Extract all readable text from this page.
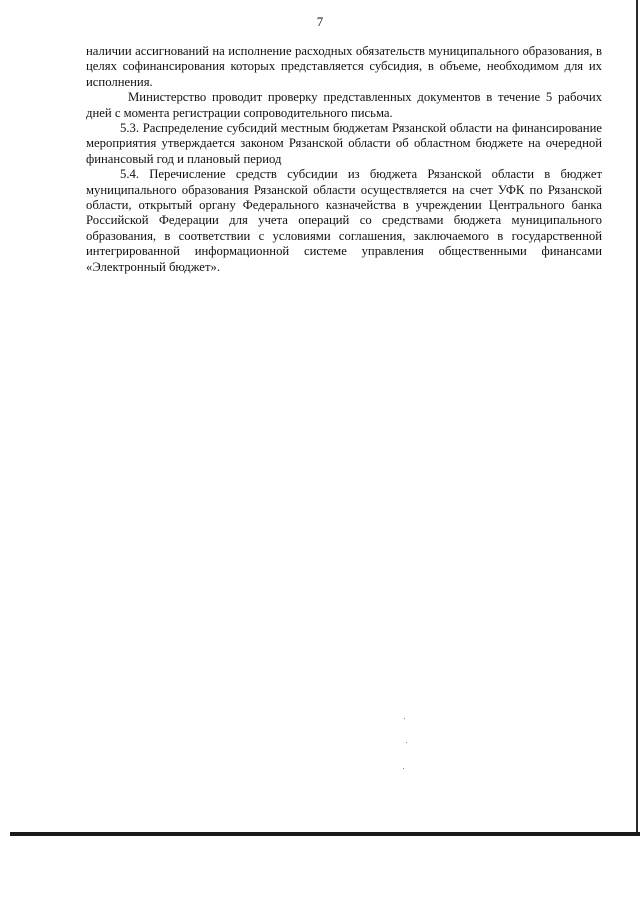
7

наличии ассигнований на исполнение расходных обязательств муниципального образования, в целях софинансирования которых представляется субсидия, в объеме, необходимом для их исполнения.

Министерство проводит проверку представленных документов в течение 5 рабочих дней с момента регистрации сопроводительного письма.

5.3. Распределение субсидий местным бюджетам Рязанской области на финансирование мероприятия утверждается законом Рязанской области об областном бюджете на очередной финансовый год и плановый период

5.4. Перечисление средств субсидии из бюджета Рязанской области в бюджет муниципального образования Рязанской области осуществляется на счет УФК по Рязанской области, открытый органу Федерального казначейства в учреждении Центрального банка Российской Федерации для учета операций со средствами бюджета муниципального образования, в соответствии с условиями соглашения, заключаемого в государственной интегрированной информационной системе управления общественными финансами

«Электронный бюджет».
